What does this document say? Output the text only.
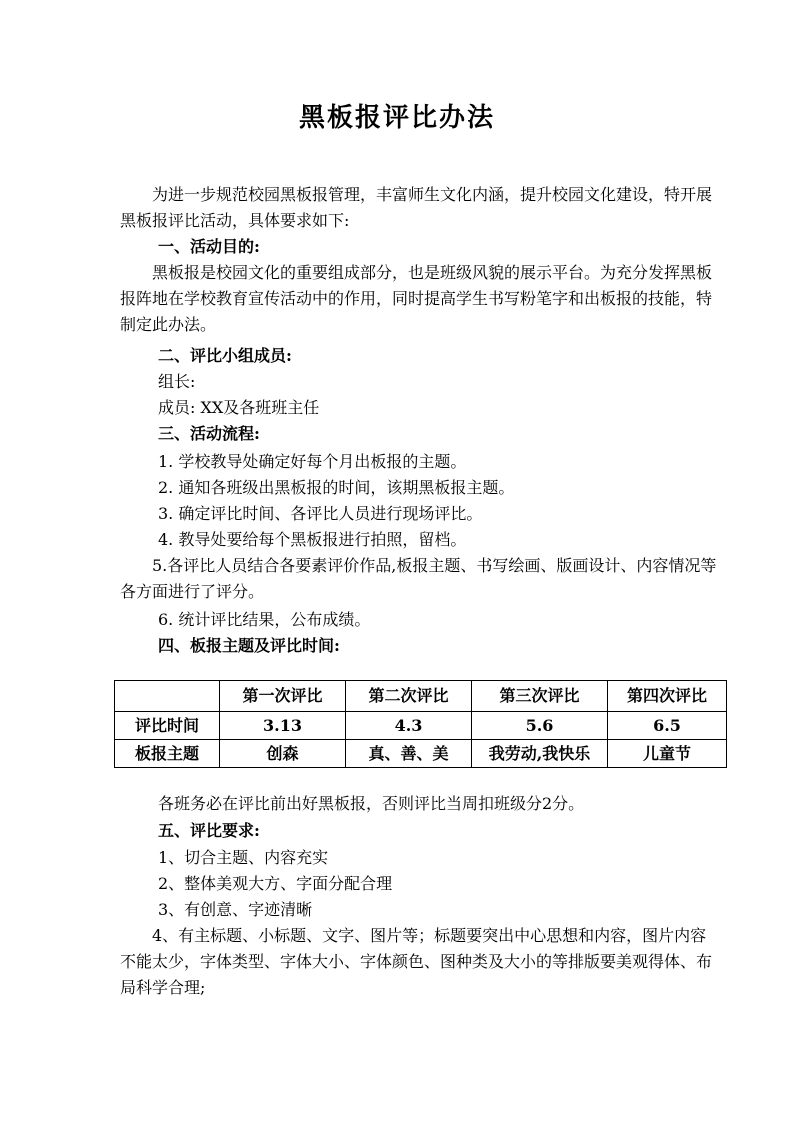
黑板报评比办法
为进一步规范校园黑板报管理，丰富师生文化内涵，提升校园文化建设，特开展黑板报评比活动，具体要求如下:
一、活动目的:
黑板报是校园文化的重要组成部分，也是班级风貌的展示平台。为充分发挥黑板报阵地在学校教育宣传活动中的作用，同时提高学生书写粉笔字和出板报的技能，特制定此办法。
二、评比小组成员:
组长:
成员: XX及各班班主任
三、活动流程:
1. 学校教导处确定好每个月出板报的主题。
2. 通知各班级出黑板报的时间，该期黑板报主题。
3. 确定评比时间、各评比人员进行现场评比。
4. 教导处要给每个黑板报进行拍照，留档。
5.各评比人员结合各要素评价作品,板报主题、书写绘画、版画设计、内容情况等各方面进行了评分。
6. 统计评比结果，公布成绩。
四、板报主题及评比时间:
	第一次评比	第二次评比	第三次评比	第四次评比
评比时间	3.13	4.3	5.6	6.5
板报主题	创森	真、善、美	我劳动,我快乐	儿童节
各班务必在评比前出好黑板报，否则评比当周扣班级分2分。
五、评比要求:
1、切合主题、内容充实
2、整体美观大方、字面分配合理
3、有创意、字迹清晰
4、有主标题、小标题、文字、图片等；标题要突出中心思想和内容，图片内容不能太少，字体类型、字体大小、字体颜色、图种类及大小的等排版要美观得体、布局科学合理;
